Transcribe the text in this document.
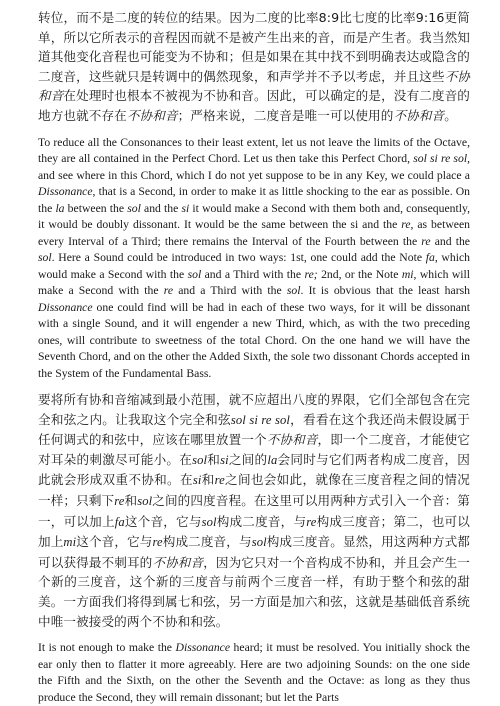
转位，而不是二度的转位的结果。因为二度的比率8:9比七度的比率9:16更简单，所以它所表示的音程因而就不是被产生出来的音，而是产生者。我当然知道其他变化音程也可能变为不协和；但是如果在其中找不到明确表达或隐含的二度音，这些就只是转调中的偶然现象，和声学并不予以考虑，并且这些不协和音在处理时也根本不被视为不协和音。因此，可以确定的是，没有二度音的地方也就不存在不协和音；严格来说，二度音是唯一可以使用的不协和音。

To reduce all the Consonances to their least extent, let us not leave the limits of the Octave, they are all contained in the Perfect Chord. Let us then take this Perfect Chord, sol si re sol, and see where in this Chord, which I do not yet suppose to be in any Key, we could place a Dissonance, that is a Second, in order to make it as little shocking to the ear as possible. On the la between the sol and the si it would make a Second with them both and, consequently, it would be doubly dissonant. It would be the same between the si and the re, as between every Interval of a Third; there remains the Interval of the Fourth between the re and the sol. Here a Sound could be introduced in two ways: 1st, one could add the Note fa, which would make a Second with the sol and a Third with the re; 2nd, or the Note mi, which will make a Second with the re and a Third with the sol. It is obvious that the least harsh Dissonance one could find will be had in each of these two ways, for it will be dissonant with a single Sound, and it will engender a new Third, which, as with the two preceding ones, will contribute to sweetness of the total Chord. On the one hand we will have the Seventh Chord, and on the other the Added Sixth, the sole two dissonant Chords accepted in the System of the Fundamental Bass.

要将所有协和音缩减到最小范围，就不应超出八度的界限，它们全部包含在完全和弦之内。让我取这个完全和弦sol si re sol，看看在这个我还尚未假设属于任何调式的和弦中，应该在哪里放置一个不协和音，即一个二度音，才能使它对耳朵的刺激尽可能小。在sol和si之间的la会同时与它们两者构成二度音，因此就会形成双重不协和。在si和re之间也会如此，就像在三度音程之间的情况一样；只剩下re和sol之间的四度音程。在这里可以用两种方式引入一个音：第一，可以加上fa这个音，它与sol构成二度音，与re构成三度音；第二，也可以加上mi这个音，它与re构成二度音，与sol构成三度音。显然，用这两种方式都可以获得最不刺耳的不协和音，因为它只对一个音构成不协和，并且会产生一个新的三度音，这个新的三度音与前两个三度音一样，有助于整个和弦的甜美。一方面我们将得到属七和弦，另一方面是加六和弦，这就是基础低音系统中唯一被接受的两个不协和和弦。

It is not enough to make the Dissonance heard; it must be resolved. You initially shock the ear only then to flatter it more agreeably. Here are two adjoining Sounds: on the one side the Fifth and the Sixth, on the other the Seventh and the Octave: as long as they thus produce the Second, they will remain dissonant; but let the Parts
